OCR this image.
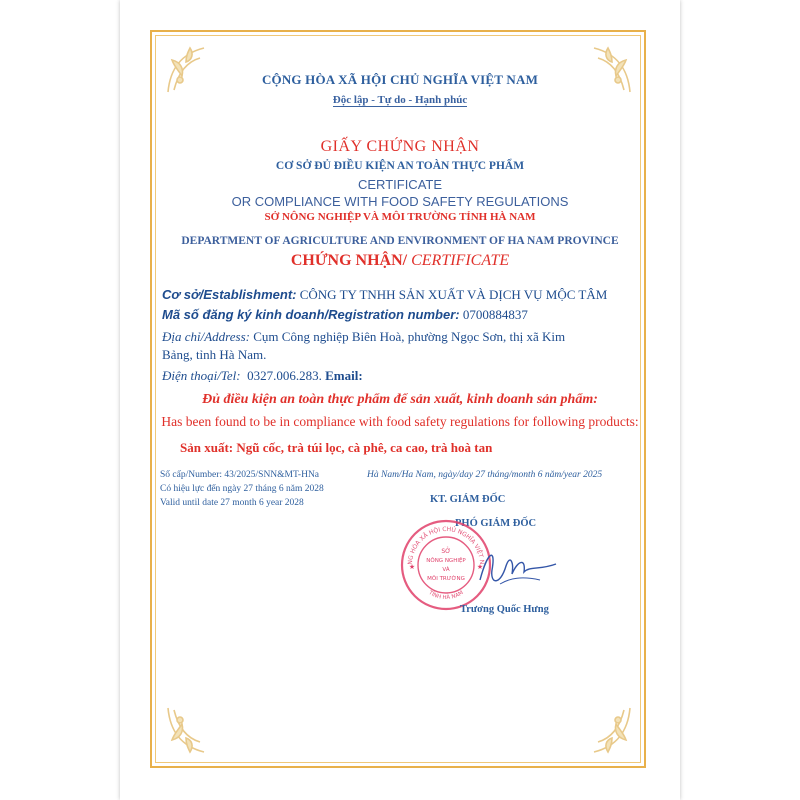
CỘNG HÒA XÃ HỘI CHỦ NGHĨA VIỆT NAM
Độc lập - Tự do - Hạnh phúc
GIẤY CHỨNG NHẬN
CƠ SỞ ĐỦ ĐIỀU KIỆN AN TOÀN THỰC PHẨM
CERTIFICATE
OR COMPLIANCE WITH FOOD SAFETY REGULATIONS
SỞ NÔNG NGHIỆP VÀ MÔI TRƯỜNG TỈNH HÀ NAM
DEPARTMENT OF AGRICULTURE AND ENVIRONMENT OF HA NAM PROVINCE
CHỨNG NHẬN/ CERTIFICATE
Cơ sở/Establishment: CÔNG TY TNHH SẢN XUẤT VÀ DỊCH VỤ MỘC TÂM
Mã số đăng ký kinh doanh/Registration number: 0700884837
Địa chỉ/Address: Cụm Công nghiệp Biên Hoà, phường Ngọc Sơn, thị xã Kim
Bảng, tỉnh Hà Nam.
Điện thoại/Tel: 0327.006.283. Email:
Đủ điều kiện an toàn thực phẩm để sản xuất, kinh doanh sản phẩm:
Has been found to be in compliance with food safety regulations for following products:
Sản xuất: Ngũ cốc, trà túi lọc, cà phê, ca cao, trà hoà tan
Số cấp/Number: 43/2025/SNN&MT-HNa
Có hiệu lực đến ngày 27 tháng 6 năm 2028
Valid until date 27 month 6 year 2028
Hà Nam/Ha Nam, ngày/day 27 tháng/month 6 năm/year 2025
KT. GIÁM ĐỐC
PHÓ GIÁM ĐỐC
NG HÒA XÃ HỘI CHỦ NGHĨA VIỆT N
TỈNH HÀ NAM
SỞ
NÔNG NGHIỆP
VÀ
MÔI TRƯỜNG
★	★
Trương Quốc Hưng
